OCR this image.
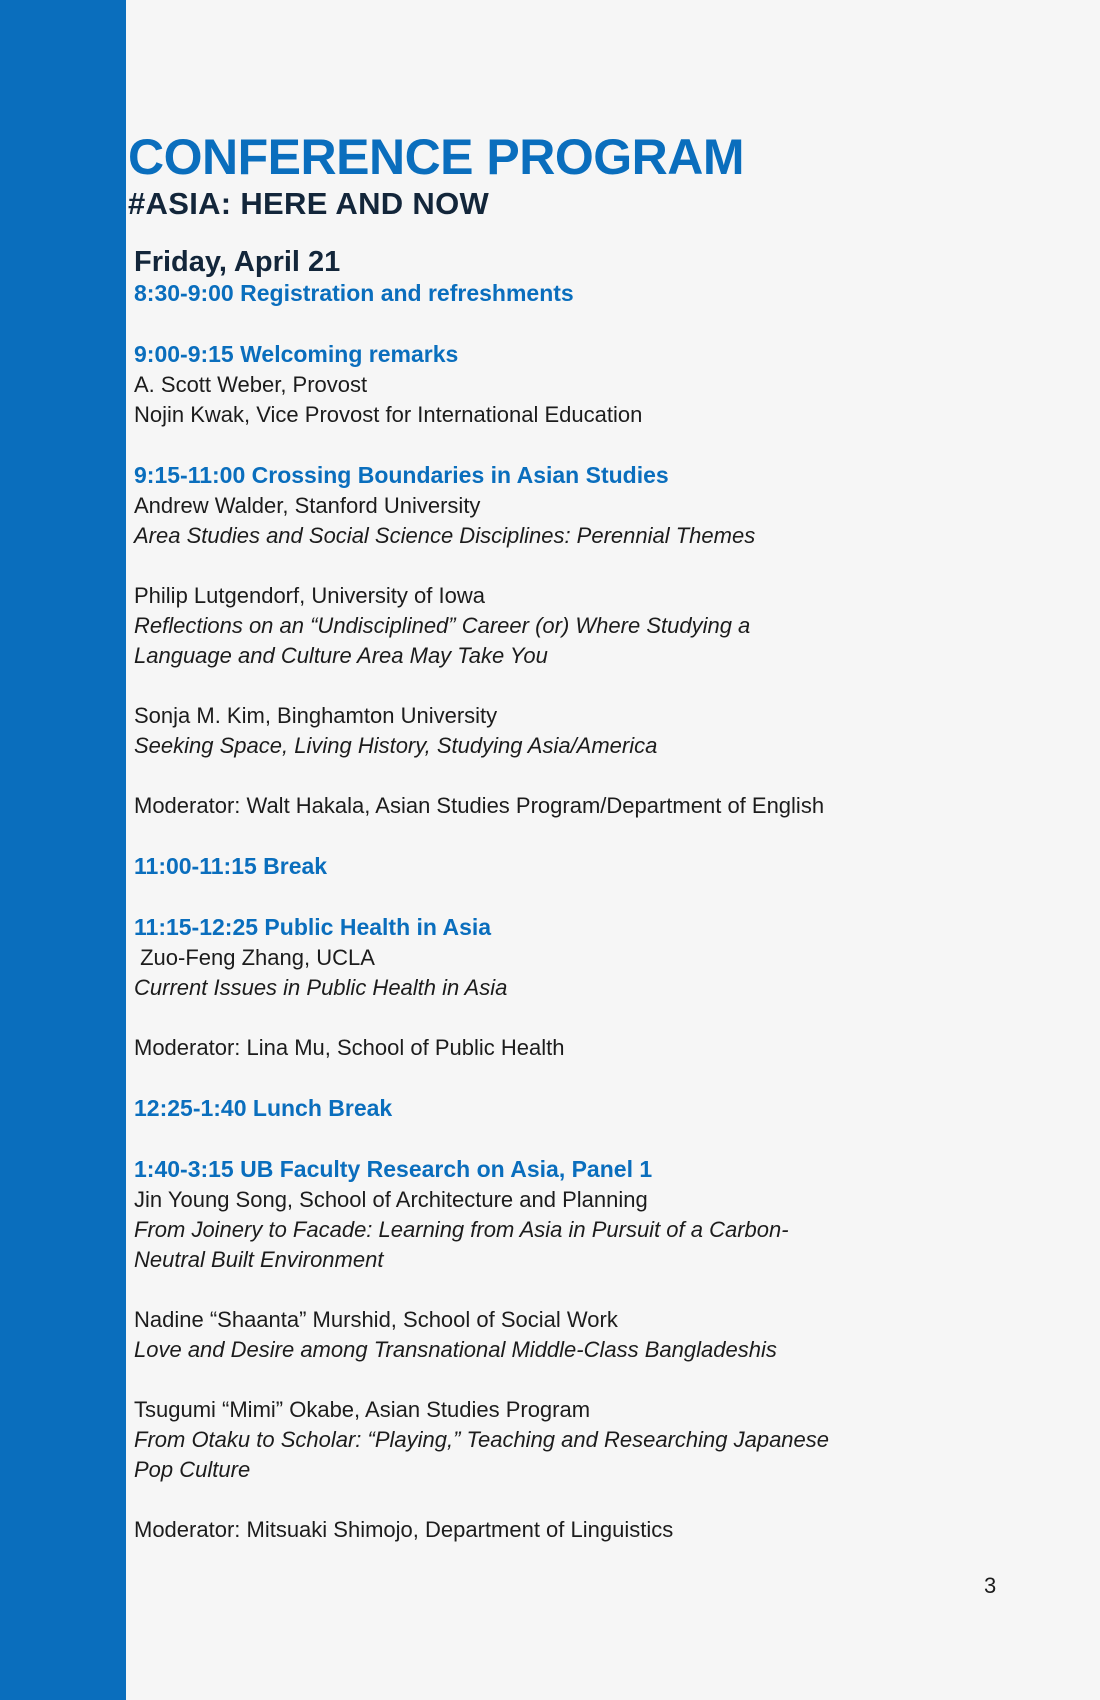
CONFERENCE PROGRAM
#ASIA: HERE AND NOW
Friday, April 21
8:30-9:00 Registration and refreshments
9:00-9:15 Welcoming remarks
A. Scott Weber, Provost
Nojin Kwak, Vice Provost for International Education
9:15-11:00 Crossing Boundaries in Asian Studies
Andrew Walder, Stanford University
Area Studies and Social Science Disciplines: Perennial Themes
Philip Lutgendorf, University of Iowa
Reflections on an “Undisciplined” Career (or) Where Studying a
Language and Culture Area May Take You
Sonja M. Kim, Binghamton University
Seeking Space, Living History, Studying Asia/America
Moderator: Walt Hakala, Asian Studies Program/Department of English
11:00-11:15 Break
11:15-12:25 Public Health in Asia
Zuo-Feng Zhang, UCLA
Current Issues in Public Health in Asia
Moderator: Lina Mu, School of Public Health
12:25-1:40 Lunch Break
1:40-3:15 UB Faculty Research on Asia, Panel 1
Jin Young Song, School of Architecture and Planning
From Joinery to Facade: Learning from Asia in Pursuit of a Carbon-
Neutral Built Environment
Nadine “Shaanta” Murshid, School of Social Work
Love and Desire among Transnational Middle-Class Bangladeshis
Tsugumi “Mimi” Okabe, Asian Studies Program
From Otaku to Scholar: “Playing,” Teaching and Researching Japanese
Pop Culture
Moderator: Mitsuaki Shimojo, Department of Linguistics
3
